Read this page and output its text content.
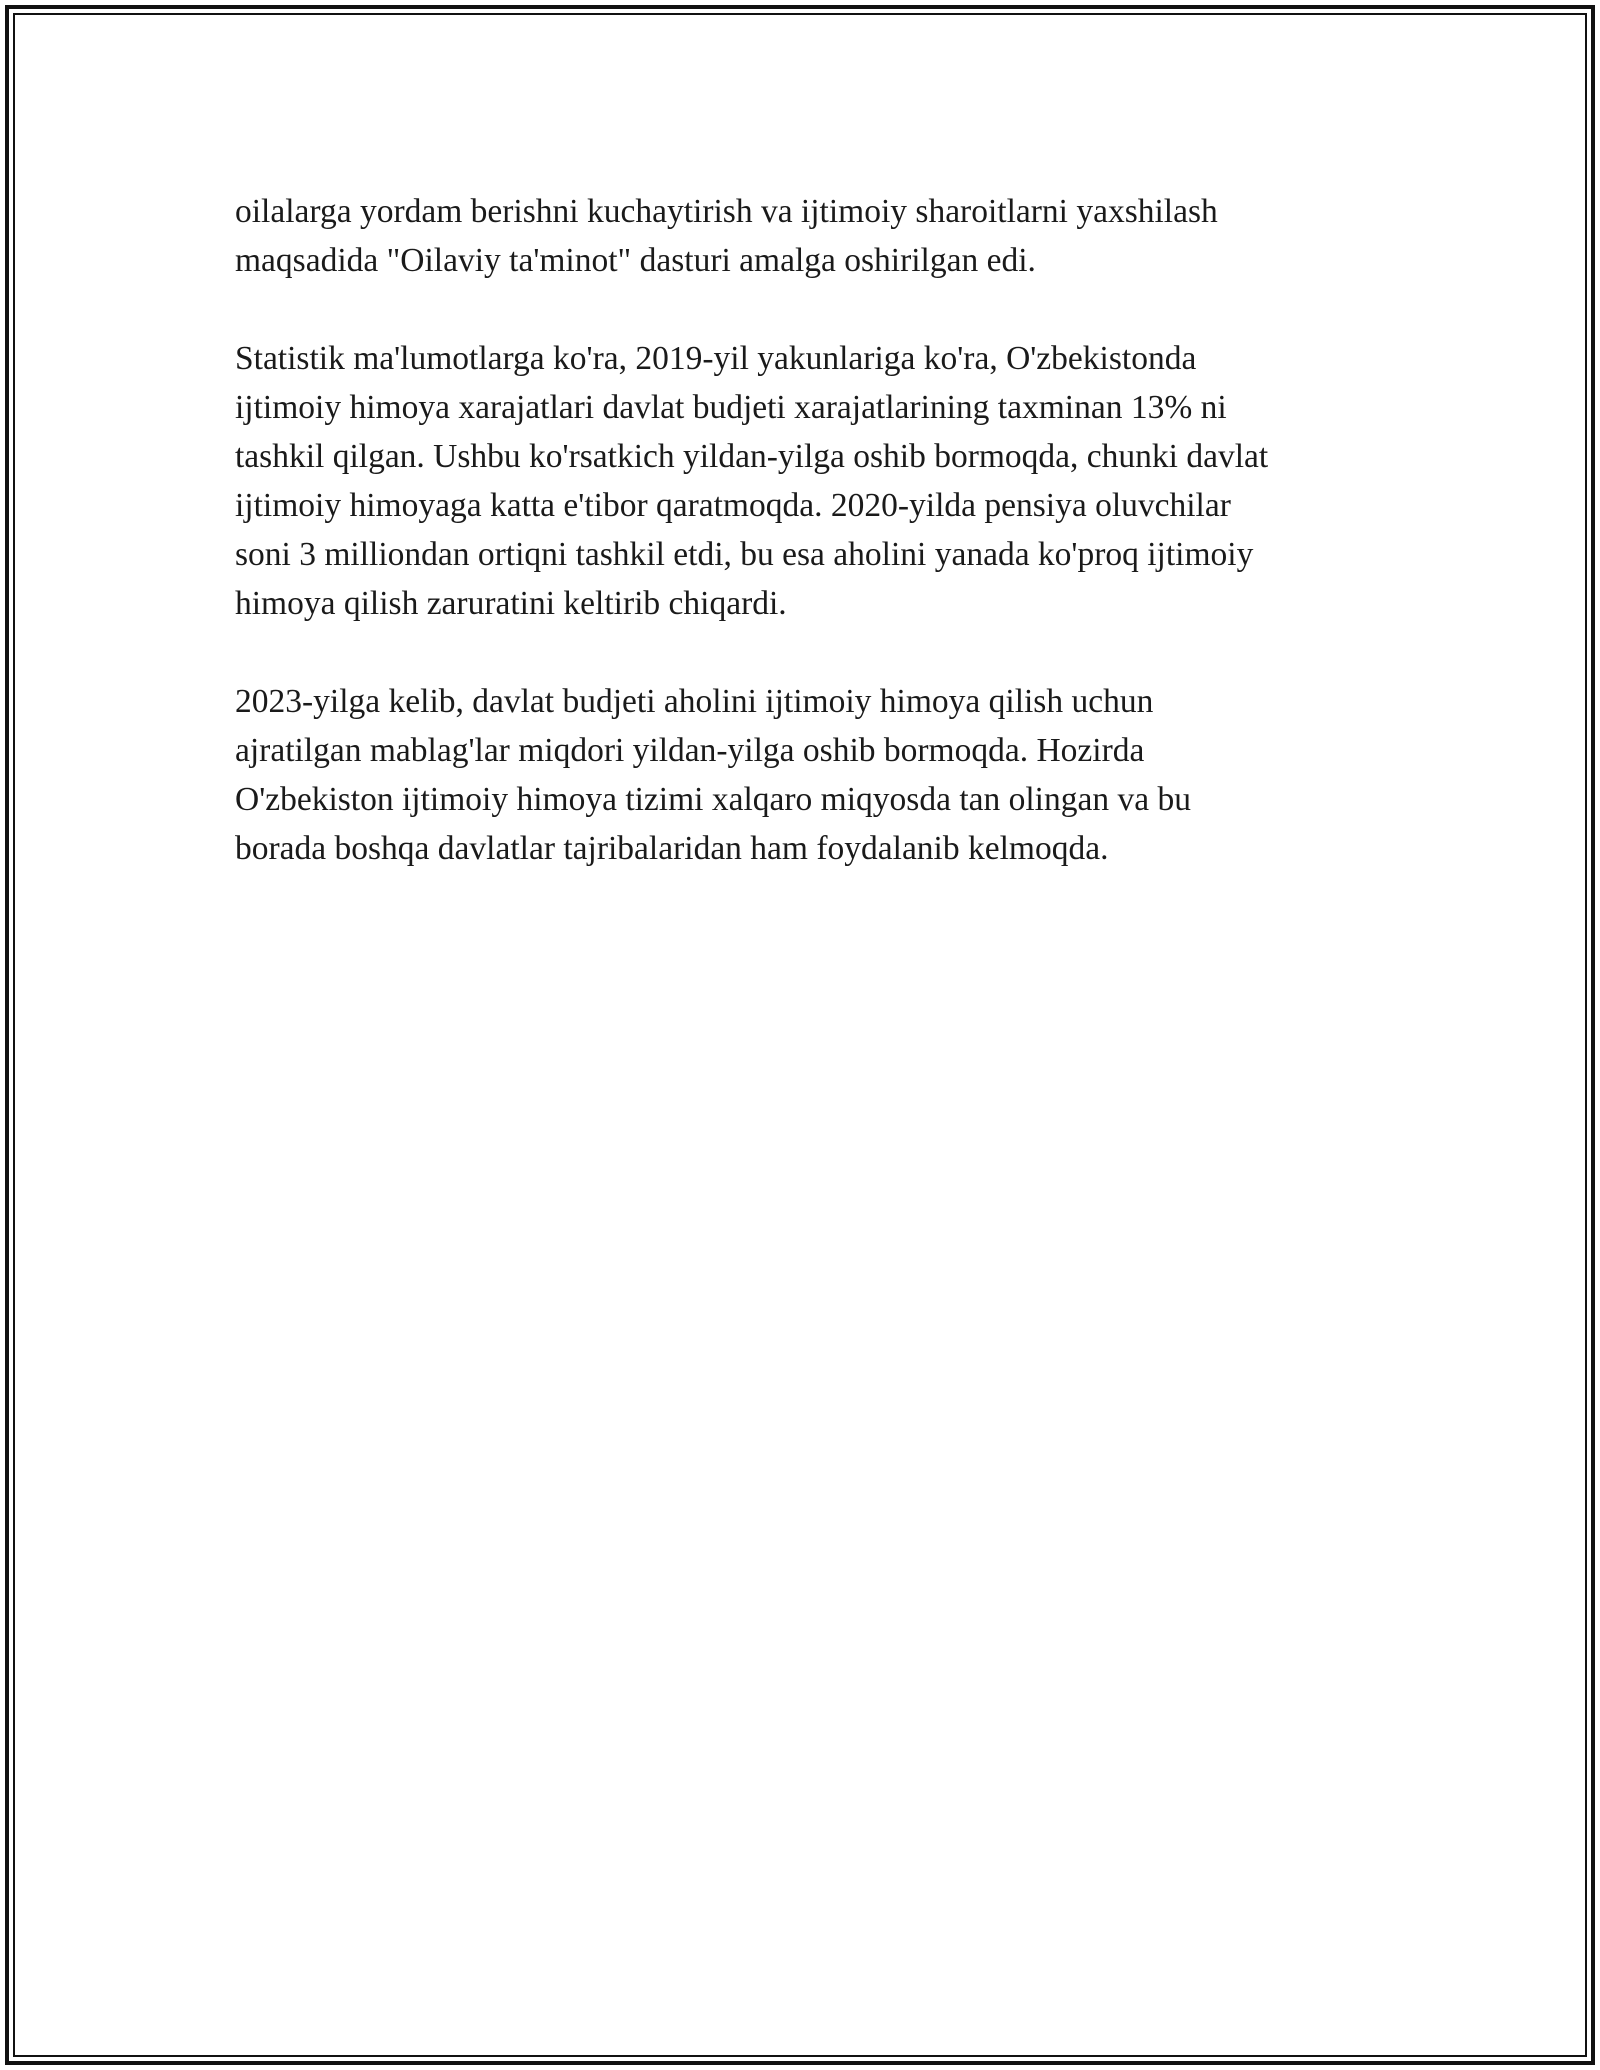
oilalarga yordam berishni kuchaytirish va ijtimoiy sharoitlarni yaxshilash
maqsadida "Oilaviy ta'minot" dasturi amalga oshirilgan edi.

Statistik ma'lumotlarga ko'ra, 2019-yil yakunlariga ko'ra, O'zbekistonda
ijtimoiy himoya xarajatlari davlat budjeti xarajatlarining taxminan 13% ni
tashkil qilgan. Ushbu ko'rsatkich yildan-yilga oshib bormoqda, chunki davlat
ijtimoiy himoyaga katta e'tibor qaratmoqda. 2020-yilda pensiya oluvchilar
soni 3 milliondan ortiqni tashkil etdi, bu esa aholini yanada ko'proq ijtimoiy
himoya qilish zaruratini keltirib chiqardi.

2023-yilga kelib, davlat budjeti aholini ijtimoiy himoya qilish uchun
ajratilgan mablag'lar miqdori yildan-yilga oshib bormoqda. Hozirda
O'zbekiston ijtimoiy himoya tizimi xalqaro miqyosda tan olingan va bu
borada boshqa davlatlar tajribalaridan ham foydalanib kelmoqda.
